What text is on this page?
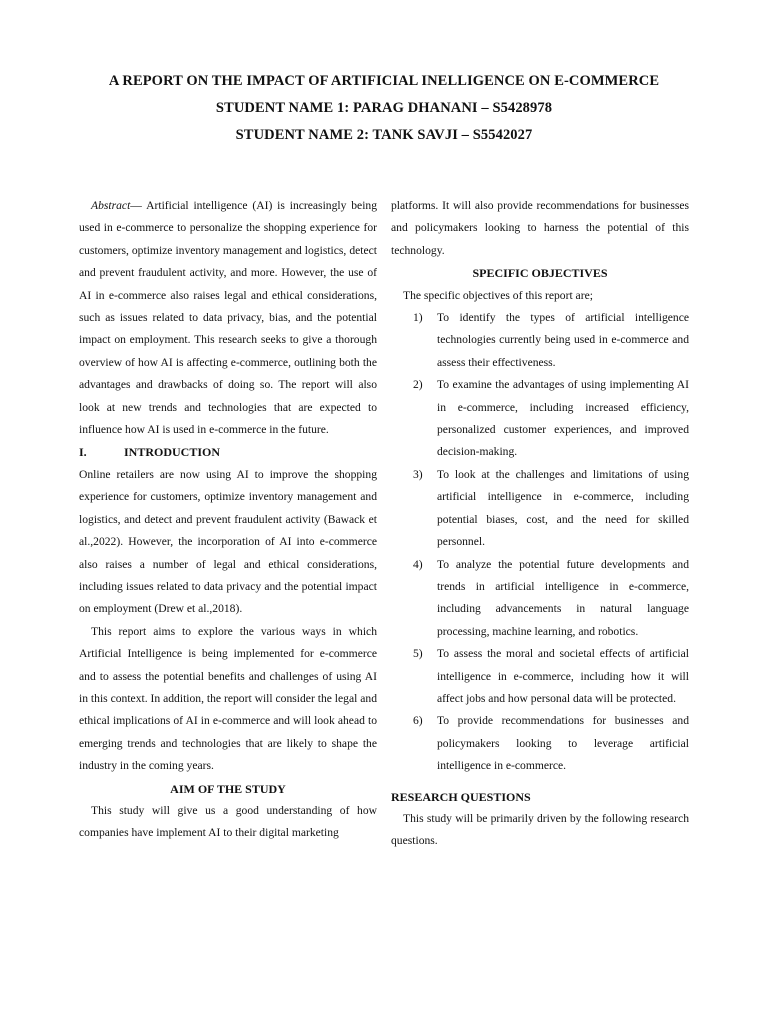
A REPORT ON THE IMPACT OF ARTIFICIAL INELLIGENCE ON E-COMMERCE
STUDENT NAME 1: PARAG DHANANI – S5428978
STUDENT NAME 2: TANK SAVJI – S5542027

Abstract— Artificial intelligence (AI) is increasingly being used in e-commerce to personalize the shopping experience for customers, optimize inventory management and logistics, detect and prevent fraudulent activity, and more. However, the use of AI in e-commerce also raises legal and ethical considerations, such as issues related to data privacy, bias, and the potential impact on employment. This research seeks to give a thorough overview of how AI is affecting e-commerce, outlining both the advantages and drawbacks of doing so. The report will also look at new trends and technologies that are expected to influence how AI is used in e-commerce in the future.

I.	INTRODUCTION

Online retailers are now using AI to improve the shopping experience for customers, optimize inventory management and logistics, and detect and prevent fraudulent activity (Bawack et al.,2022). However, the incorporation of AI into e-commerce also raises a number of legal and ethical considerations, including issues related to data privacy and the potential impact on employment (Drew et al.,2018).

This report aims to explore the various ways in which Artificial Intelligence is being implemented for e-commerce and to assess the potential benefits and challenges of using AI in this context. In addition, the report will consider the legal and ethical implications of AI in e-commerce and will look ahead to emerging trends and technologies that are likely to shape the industry in the coming years.

AIM OF THE STUDY

This study will give us a good understanding of how companies have implement AI to their digital marketing

platforms. It will also provide recommendations for businesses and policymakers looking to harness the potential of this technology.

SPECIFIC OBJECTIVES

The specific objectives of this report are;

1) To identify the types of artificial intelligence technologies currently being used in e-commerce and assess their effectiveness.
2) To examine the advantages of using implementing AI in e-commerce, including increased efficiency, personalized customer experiences, and improved decision-making.
3) To look at the challenges and limitations of using artificial intelligence in e-commerce, including potential biases, cost, and the need for skilled personnel.
4) To analyze the potential future developments and trends in artificial intelligence in e-commerce, including advancements in natural language processing, machine learning, and robotics.
5) To assess the moral and societal effects of artificial intelligence in e-commerce, including how it will affect jobs and how personal data will be protected.
6) To provide recommendations for businesses and policymakers looking to leverage artificial intelligence in e-commerce.
RESEARCH QUESTIONS

This study will be primarily driven by the following research questions.
